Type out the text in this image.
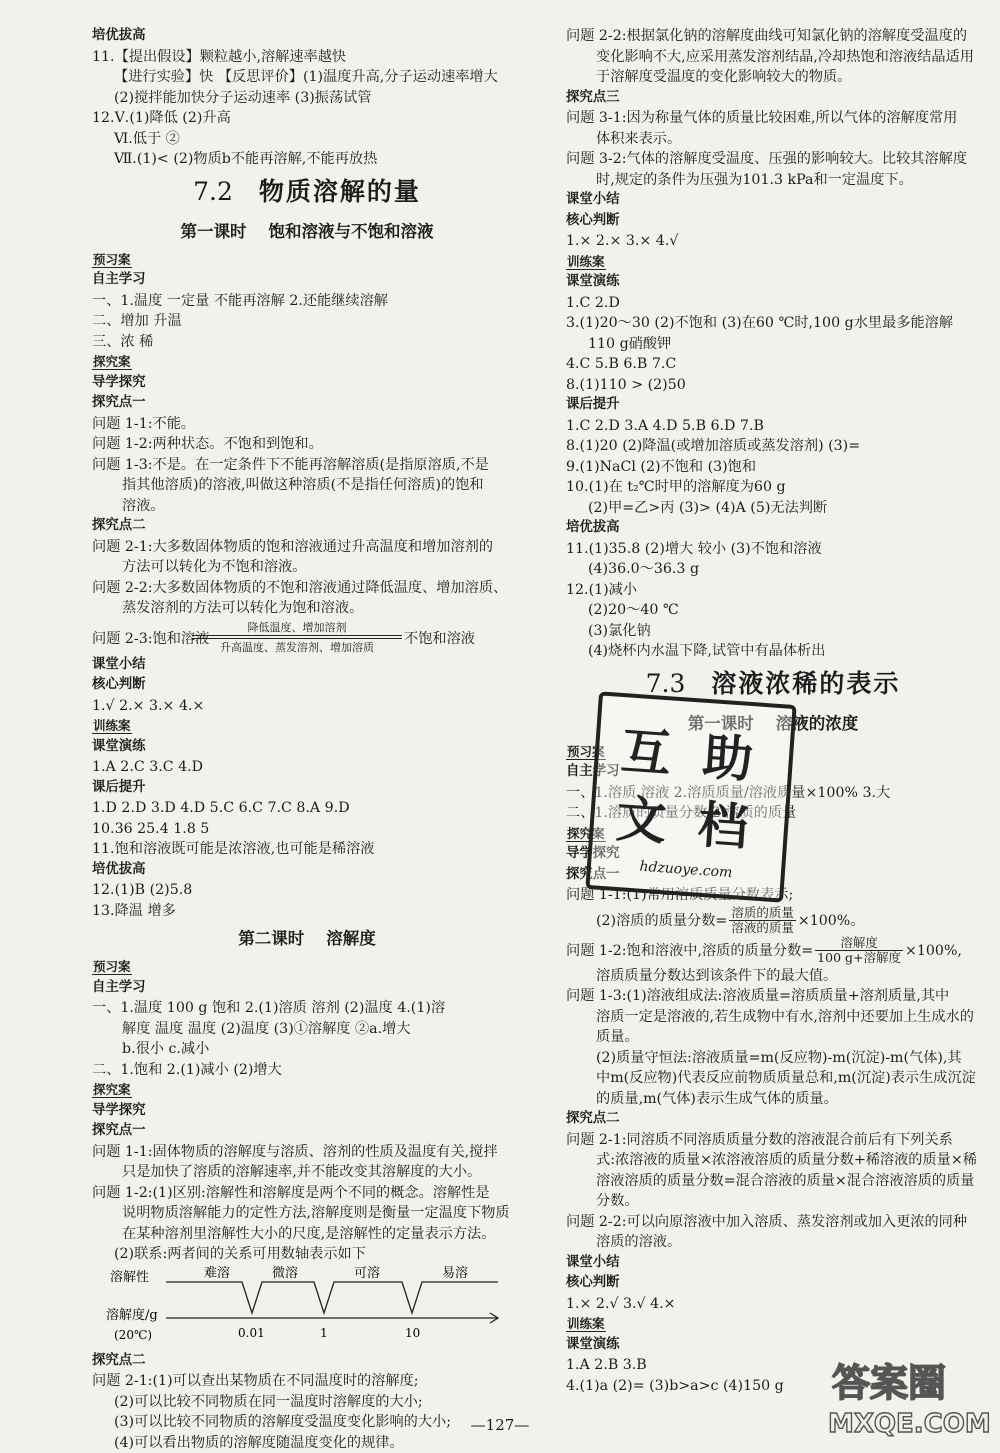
培优拔高
11.【提出假设】颗粒越小,溶解速率越快
【进行实验】快 【反思评价】(1)温度升高,分子运动速率增大
(2)搅拌能加快分子运动速率 (3)振荡试管
12.Ⅴ.(1)降低 (2)升高
Ⅵ.低于 ②
Ⅶ.(1)< (2)物质b不能再溶解,不能再放热
7.2 物质溶解的量
第一课时 饱和溶液与不饱和溶液
预习案
自主学习
一、1.温度 一定量 不能再溶解 2.还能继续溶解
二、增加 升温
三、浓 稀
探究案
导学探究
探究点一
问题 1-1:不能。
问题 1-2:两种状态。不饱和到饱和。
问题 1-3:不是。在一定条件下不能再溶解溶质(是指原溶质,不是
指其他溶质)的溶液,叫做这种溶质(不是指任何溶质)的饱和
溶液。
探究点二
问题 2-1:大多数固体物质的饱和溶液通过升高温度和增加溶剂的
方法可以转化为不饱和溶液。
问题 2-2:大多数固体物质的不饱和溶液通过降低温度、增加溶质、
蒸发溶剂的方法可以转化为饱和溶液。
问题 2-3:饱和溶液
降低温度、增加溶剂
升高温度、蒸发溶剂、增加溶质
不饱和溶液
课堂小结
核心判断
1.√ 2.× 3.× 4.×
训练案
课堂演练
1.A 2.C 3.C 4.D
课后提升
1.D 2.D 3.D 4.D 5.C 6.C 7.C 8.A 9.D
10.36 25.4 1.8 5
11.饱和溶液既可能是浓溶液,也可能是稀溶液
培优拔高
12.(1)B (2)5.8
13.降温 增多
第二课时 溶解度
预习案
自主学习
一、1.温度 100 g 饱和 2.(1)溶质 溶剂 (2)温度 4.(1)溶
解度 温度 温度 (2)温度 (3)①溶解度 ②a.增大
b.很小 c.减小
二、1.饱和 2.(1)减小 (2)增大
探究案
导学探究
探究点一
问题 1-1:固体物质的溶解度与溶质、溶剂的性质及温度有关,搅拌
只是加快了溶质的溶解速率,并不能改变其溶解度的大小。
问题 1-2:(1)区别:溶解性和溶解度是两个不同的概念。溶解性是
说明物质溶解能力的定性方法,溶解度则是衡量一定温度下物质
在某种溶剂里溶解性大小的尺度,是溶解性的定量表示方法。
(2)联系:两者间的关系可用数轴表示如下
溶解性
溶解度/g
(20℃)
难溶	微溶	可溶	易溶
0.01	1	10
探究点二
问题 2-1:(1)可以查出某物质在不同温度时的溶解度;
(2)可以比较不同物质在同一温度时溶解度的大小;
(3)可以比较不同物质的溶解度受温度变化影响的大小;
(4)可以看出物质的溶解度随温度变化的规律。
问题 2-2:根据氯化钠的溶解度曲线可知氯化钠的溶解度受温度的
变化影响不大,应采用蒸发溶剂结晶,冷却热饱和溶液结晶适用
于溶解度受温度的变化影响较大的物质。
探究点三
问题 3-1:因为称量气体的质量比较困难,所以气体的溶解度常用
体积来表示。
问题 3-2:气体的溶解度受温度、压强的影响较大。比较其溶解度
时,规定的条件为压强为101.3 kPa和一定温度下。
课堂小结
核心判断
1.× 2.× 3.× 4.√
训练案
课堂演练
1.C 2.D
3.(1)20～30 (2)不饱和 (3)在60 ℃时,100 g水里最多能溶解
110 g硝酸钾
4.C 5.B 6.B 7.C
8.(1)110 > (2)50
课后提升
1.C 2.D 3.A 4.D 5.B 6.D 7.B
8.(1)20 (2)降温(或增加溶质或蒸发溶剂) (3)=
9.(1)NaCl (2)不饱和 (3)饱和
10.(1)在 t₂℃时甲的溶解度为60 g
(2)甲=乙>丙 (3)> (4)A (5)无法判断
培优拔高
11.(1)35.8 (2)增大 较小 (3)不饱和溶液
(4)36.0～36.3 g
12.(1)减小
(2)20～40 ℃
(3)氯化钠
(4)烧杯内水温下降,试管中有晶体析出
7.3 溶液浓稀的表示
第一课时 溶液的浓度
预习案
自主学习
一、1.溶质 溶液 2.溶质质量/溶液质量×100% 3.大
二、1.溶质的质量分数 2.溶质的质量
探究案
导学探究
探究点一
问题 1-1:(1)常用溶质质量分数表示;
(2)溶质的质量分数= $\frac{\text{溶质的质量}}{\text{溶液的质量}} \times 100\%$。
问题 1-2:饱和溶液中,溶质的质量分数= $\frac{\text{溶解度}}{\text{100 g+溶解度}} \times 100\%$,
溶质质量分数达到该条件下的最大值。
问题 1-3:(1)溶液组成法:溶液质量=溶质质量+溶剂质量,其中
溶质一定是溶液的,若生成物中有水,溶剂中还要加上生成水的
质量。
(2)质量守恒法:溶液质量=m(反应物)-m(沉淀)-m(气体),其
中m(反应物)代表反应前物质质量总和,m(沉淀)表示生成沉淀
的质量,m(气体)表示生成气体的质量。
探究点二
问题 2-1:同溶质不同溶质质量分数的溶液混合前后有下列关系
式:浓溶液的质量×浓溶液溶质的质量分数+稀溶液的质量×稀
溶液溶质的质量分数=混合溶液的质量×混合溶液溶质的质量
分数。
问题 2-2:可以向原溶液中加入溶质、蒸发溶剂或加入更浓的同种
溶质的溶液。
课堂小结
核心判断
1.× 2.√ 3.√ 4.×
训练案
课堂演练
1.A 2.B 3.B
4.(1)a (2)= (3)b>a>c (4)150 g
互 助
文 档
hdzuoye.com
答案圈
MXQE.COM
—127—
